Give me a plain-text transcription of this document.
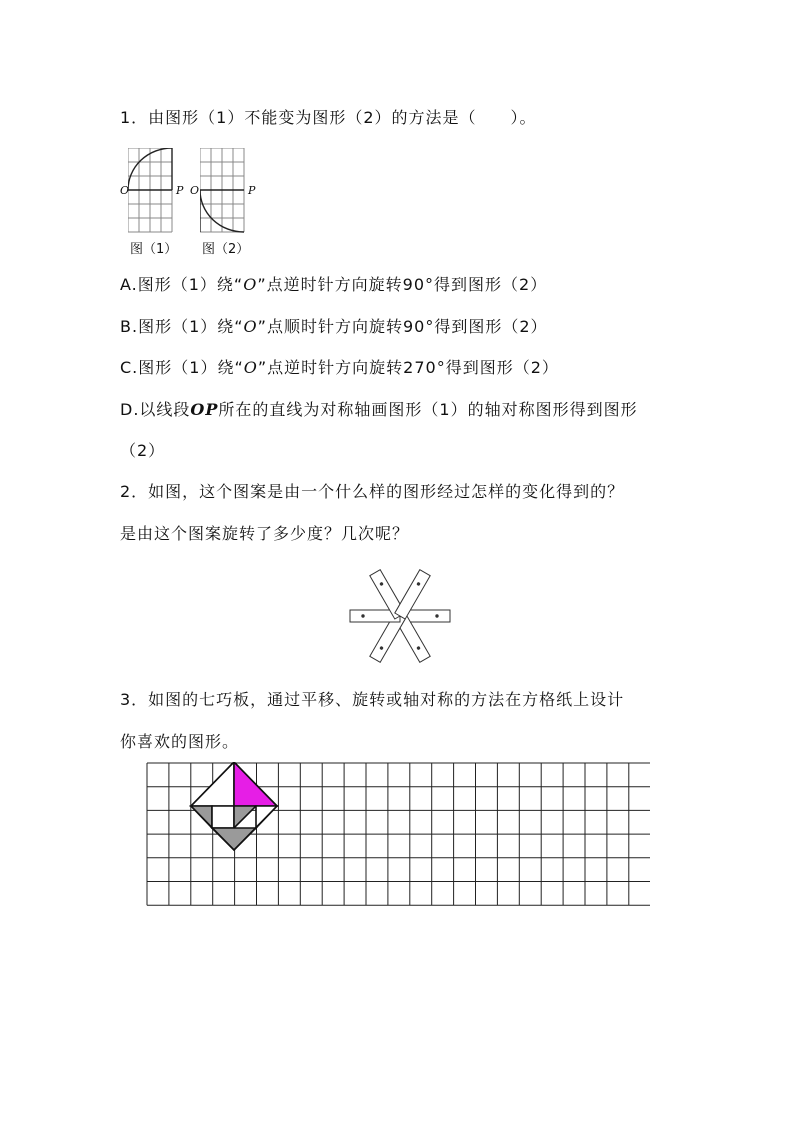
1．由图形（1）不能变为图形（2）的方法是（　　）。
O	P
图（1）
O	P
图（2）
A.图形（1）绕“O”点逆时针方向旋转90°得到图形（2）
B.图形（1）绕“O”点顺时针方向旋转90°得到图形（2）
C.图形（1）绕“O”点逆时针方向旋转270°得到图形（2）
D.以线段OP所在的直线为对称轴画图形（1）的轴对称图形得到图形
（2）
2．如图，这个图案是由一个什么样的图形经过怎样的变化得到的？
是由这个图案旋转了多少度？几次呢？
3．如图的七巧板，通过平移、旋转或轴对称的方法在方格纸上设计
你喜欢的图形。
